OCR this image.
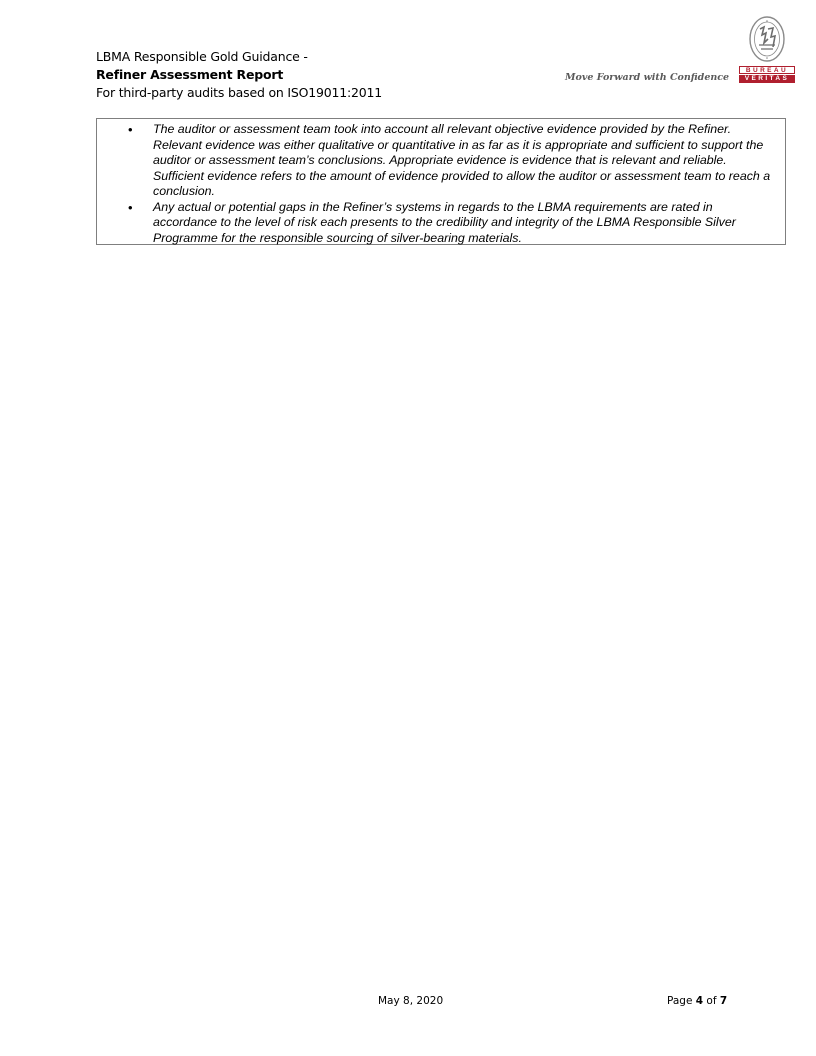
LBMA Responsible Gold Guidance -
Refiner Assessment Report
For third-party audits based on ISO19011:2011
Move Forward with Confidence
BUREAU
VERITAS
• The auditor or assessment team took into account all relevant objective evidence provided by the Refiner. Relevant evidence was either qualitative or quantitative in as far as it is appropriate and sufficient to support the auditor or assessment team’s conclusions. Appropriate evidence is evidence that is relevant and reliable. Sufficient evidence refers to the amount of evidence provided to allow the auditor or assessment team to reach a conclusion.
• Any actual or potential gaps in the Refiner’s systems in regards to the LBMA requirements are rated in accordance to the level of risk each presents to the credibility and integrity of the LBMA Responsible Silver Programme for the responsible sourcing of silver-bearing materials.
May 8, 2020	Page 4 of 7
